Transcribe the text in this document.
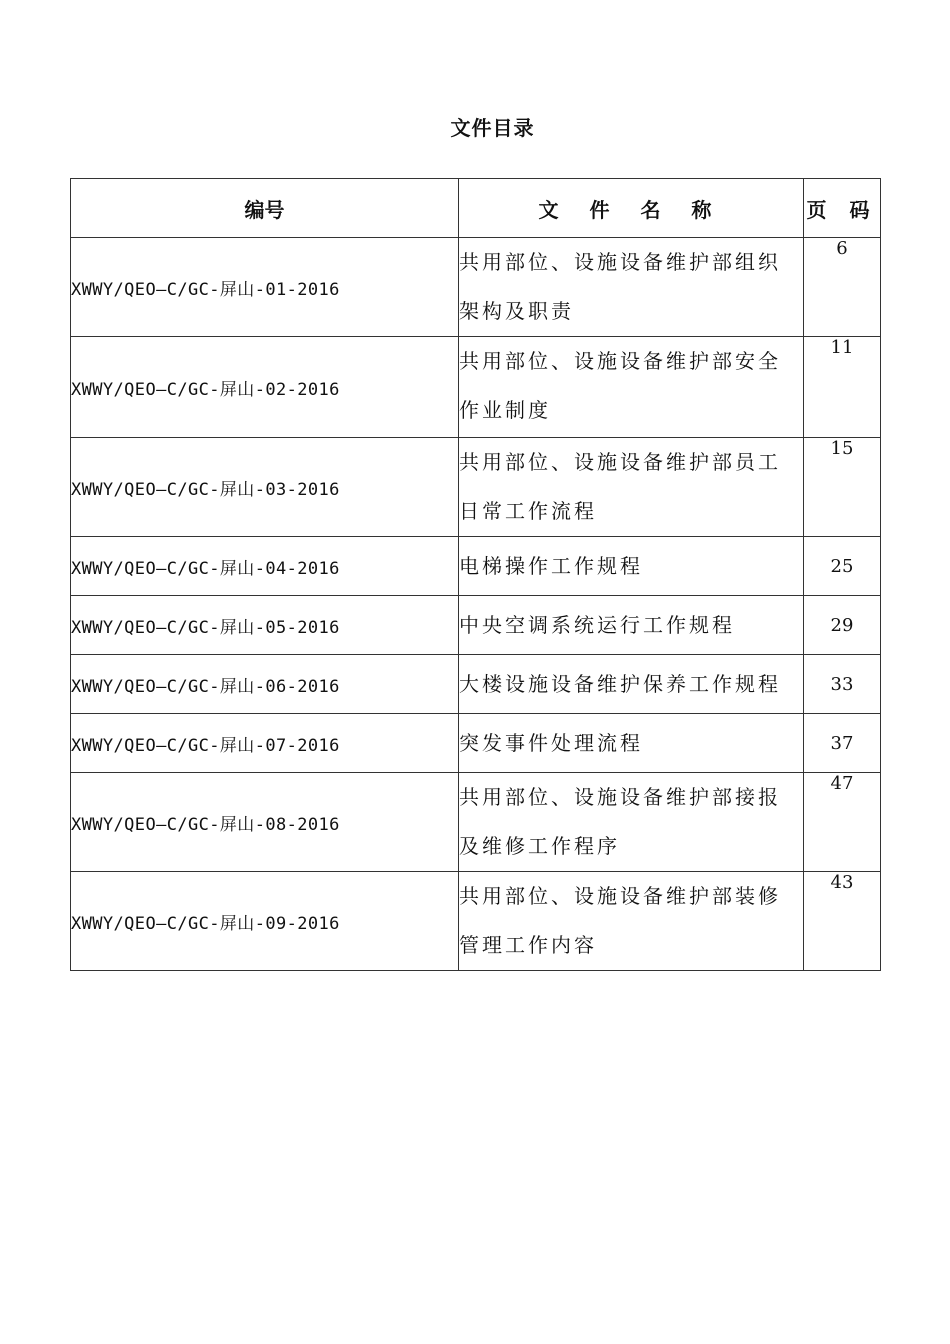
文件目录
编号	文 件 名 称	页 码
XWWY/QEO—C/GC-屏山-01-2016	共用部位、设施设备维护部组织架构及职责	6
XWWY/QEO—C/GC-屏山-02-2016	共用部位、设施设备维护部安全作业制度	11
XWWY/QEO—C/GC-屏山-03-2016	共用部位、设施设备维护部员工日常工作流程	15
XWWY/QEO—C/GC-屏山-04-2016	电梯操作工作规程	25
XWWY/QEO—C/GC-屏山-05-2016	中央空调系统运行工作规程	29
XWWY/QEO—C/GC-屏山-06-2016	大楼设施设备维护保养工作规程	33
XWWY/QEO—C/GC-屏山-07-2016	突发事件处理流程	37
XWWY/QEO—C/GC-屏山-08-2016	共用部位、设施设备维护部接报及维修工作程序	47
XWWY/QEO—C/GC-屏山-09-2016	共用部位、设施设备维护部装修管理工作内容	43
